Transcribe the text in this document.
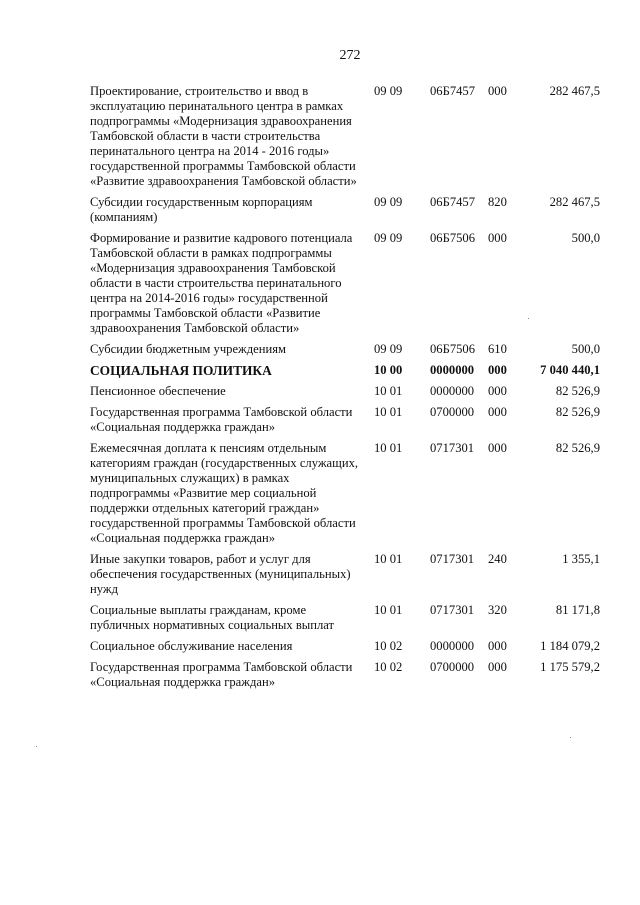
272
Проектирование, строительство и ввод в эксплуатацию перинатального центра в рамках подпрограммы «Модернизация здравоохранения Тамбовской области в части строительства перинатального центра на 2014 - 2016 годы» государственной программы Тамбовской области «Развитие здравоохранения Тамбовской области»	09 09	06Б7457	000	282 467,5
Субсидии государственным корпорациям (компаниям)	09 09	06Б7457	820	282 467,5
Формирование и развитие кадрового потенциала Тамбовской области в рамках подпрограммы «Модернизация здравоохранения Тамбовской области в части строительства перинатального центра на 2014-2016 годы» государственной программы Тамбовской области «Развитие здравоохранения Тамбовской области»	09 09	06Б7506	000	500,0
Субсидии бюджетным учреждениям	09 09	06Б7506	610	500,0
СОЦИАЛЬНАЯ ПОЛИТИКА	10 00	0000000	000	7 040 440,1
Пенсионное обеспечение	10 01	0000000	000	82 526,9
Государственная программа Тамбовской области «Социальная поддержка граждан»	10 01	0700000	000	82 526,9
Ежемесячная доплата к пенсиям отдельным категориям граждан (государственных служащих, муниципальных служащих) в рамках подпрограммы «Развитие мер социальной поддержки отдельных категорий граждан» государственной программы Тамбовской области «Социальная поддержка граждан»	10 01	0717301	000	82 526,9
Иные закупки товаров, работ и услуг для обеспечения государственных (муниципальных) нужд	10 01	0717301	240	1 355,1
Социальные выплаты гражданам, кроме публичных нормативных социальных выплат	10 01	0717301	320	81 171,8
Социальное обслуживание населения	10 02	0000000	000	1 184 079,2
Государственная программа Тамбовской области «Социальная поддержка граждан»	10 02	0700000	000	1 175 579,2
